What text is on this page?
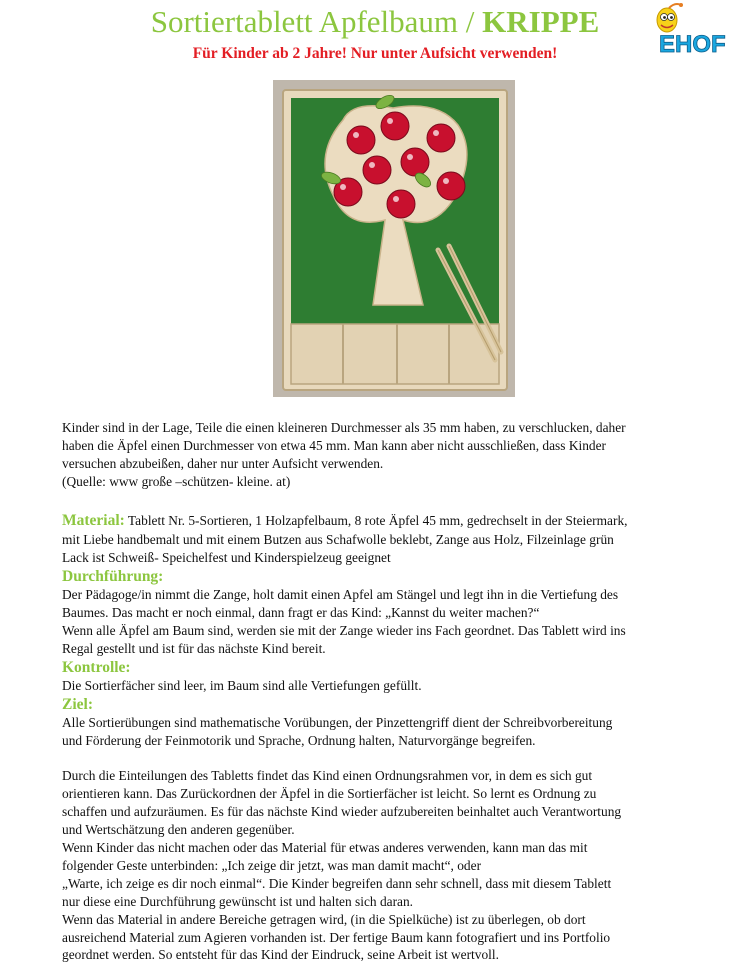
Sortiertablett Apfelbaum / KRIPPE
Für Kinder ab 2 Jahre! Nur unter Aufsicht verwenden!	EHOF
Kinder sind in der Lage, Teile die einen kleineren Durchmesser als 35 mm haben, zu verschlucken, daher
haben die Äpfel einen Durchmesser von etwa 45 mm. Man kann aber nicht ausschließen, dass Kinder
versuchen abzubeißen, daher nur unter Aufsicht verwenden.
(Quelle: www große –schützen- kleine. at)
Material: Tablett Nr. 5-Sortieren, 1 Holzapfelbaum, 8 rote Äpfel 45 mm, gedrechselt in der Steiermark,
mit Liebe handbemalt und mit einem Butzen aus Schafwolle beklebt, Zange aus Holz, Filzeinlage grün
Lack ist Schweiß- Speichelfest und Kinderspielzeug geeignet
Durchführung:
Der Pädagoge/in nimmt die Zange, holt damit einen Apfel am Stängel und legt ihn in die Vertiefung des
Baumes. Das macht er noch einmal, dann fragt er das Kind: „Kannst du weiter machen?“
Wenn alle Äpfel am Baum sind, werden sie mit der Zange wieder ins Fach geordnet. Das Tablett wird ins
Regal gestellt und ist für das nächste Kind bereit.
Kontrolle:
Die Sortierfächer sind leer, im Baum sind alle Vertiefungen gefüllt.
Ziel:
Alle Sortierübungen sind mathematische Vorübungen, der Pinzettengriff dient der Schreibvorbereitung
und Förderung der Feinmotorik und Sprache, Ordnung halten, Naturvorgänge begreifen.
Durch die Einteilungen des Tabletts findet das Kind einen Ordnungsrahmen vor, in dem es sich gut
orientieren kann. Das Zurückordnen der Äpfel in die Sortierfächer ist leicht. So lernt es Ordnung zu
schaffen und aufzuräumen. Es für das nächste Kind wieder aufzubereiten beinhaltet auch Verantwortung
und Wertschätzung den anderen gegenüber.
Wenn Kinder das nicht machen oder das Material für etwas anderes verwenden, kann man das mit
folgender Geste unterbinden: „Ich zeige dir jetzt, was man damit macht“, oder
„Warte, ich zeige es dir noch einmal“. Die Kinder begreifen dann sehr schnell, dass mit diesem Tablett
nur diese eine Durchführung gewünscht ist und halten sich daran.
Wenn das Material in andere Bereiche getragen wird, (in die Spielküche) ist zu überlegen, ob dort
ausreichend Material zum Agieren vorhanden ist. Der fertige Baum kann fotografiert und ins Portfolio
geordnet werden. So entsteht für das Kind der Eindruck, seine Arbeit ist wertvoll.
